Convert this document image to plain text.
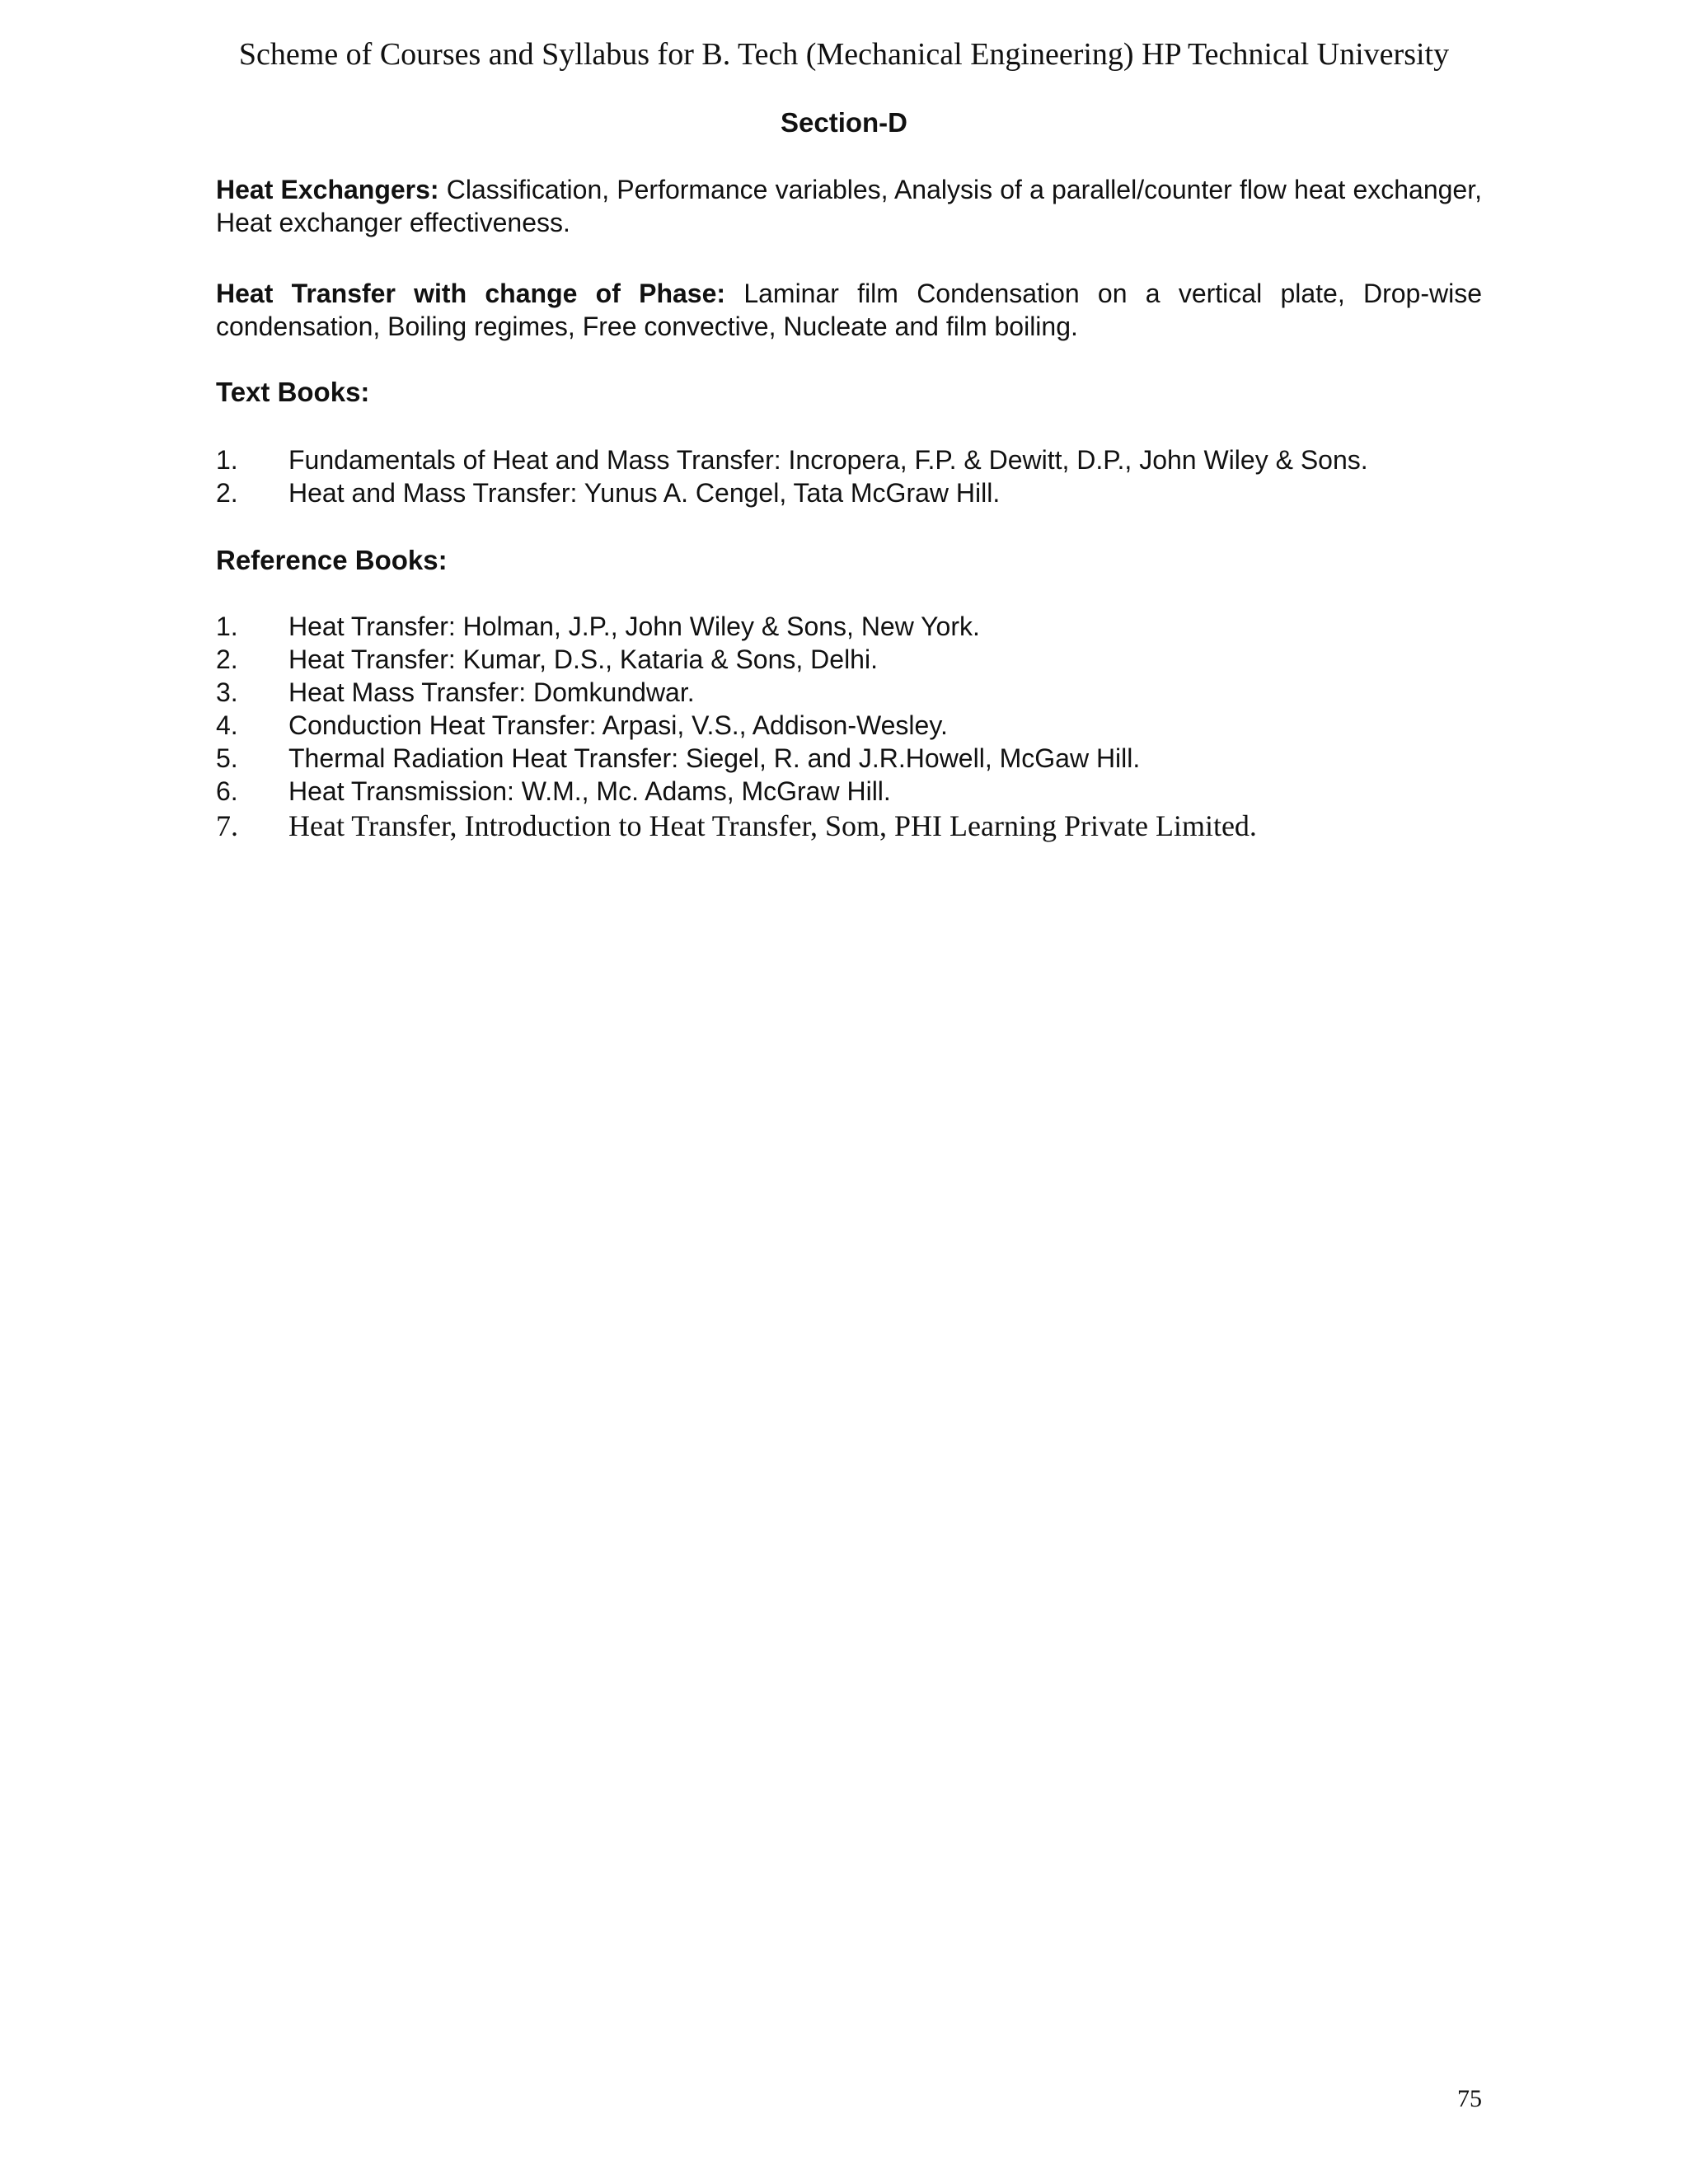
Scheme of Courses and Syllabus for B. Tech (Mechanical Engineering) HP Technical University
Section-D

Heat Exchangers: Classification, Performance variables, Analysis of a parallel/counter flow heat exchanger, Heat exchanger effectiveness.

Heat Transfer with change of Phase: Laminar film Condensation on a vertical plate, Drop-wise condensation, Boiling regimes, Free convective, Nucleate and film boiling.

Text Books:
1.	Fundamentals of Heat and Mass Transfer: Incropera, F.P. & Dewitt, D.P., John Wiley & Sons.
2.	Heat and Mass Transfer: Yunus A. Cengel, Tata McGraw Hill.
Reference Books:
1.	Heat Transfer: Holman, J.P., John Wiley & Sons, New York.
2.	Heat Transfer: Kumar, D.S., Kataria & Sons, Delhi.
3.	Heat Mass Transfer: Domkundwar.
4.	Conduction Heat Transfer: Arpasi, V.S., Addison-Wesley.
5.	Thermal Radiation Heat Transfer: Siegel, R. and J.R.Howell, McGaw Hill.
6.	Heat Transmission: W.M., Mc. Adams, McGraw Hill.
7.	Heat Transfer, Introduction to Heat Transfer, Som, PHI Learning Private Limited.
75
